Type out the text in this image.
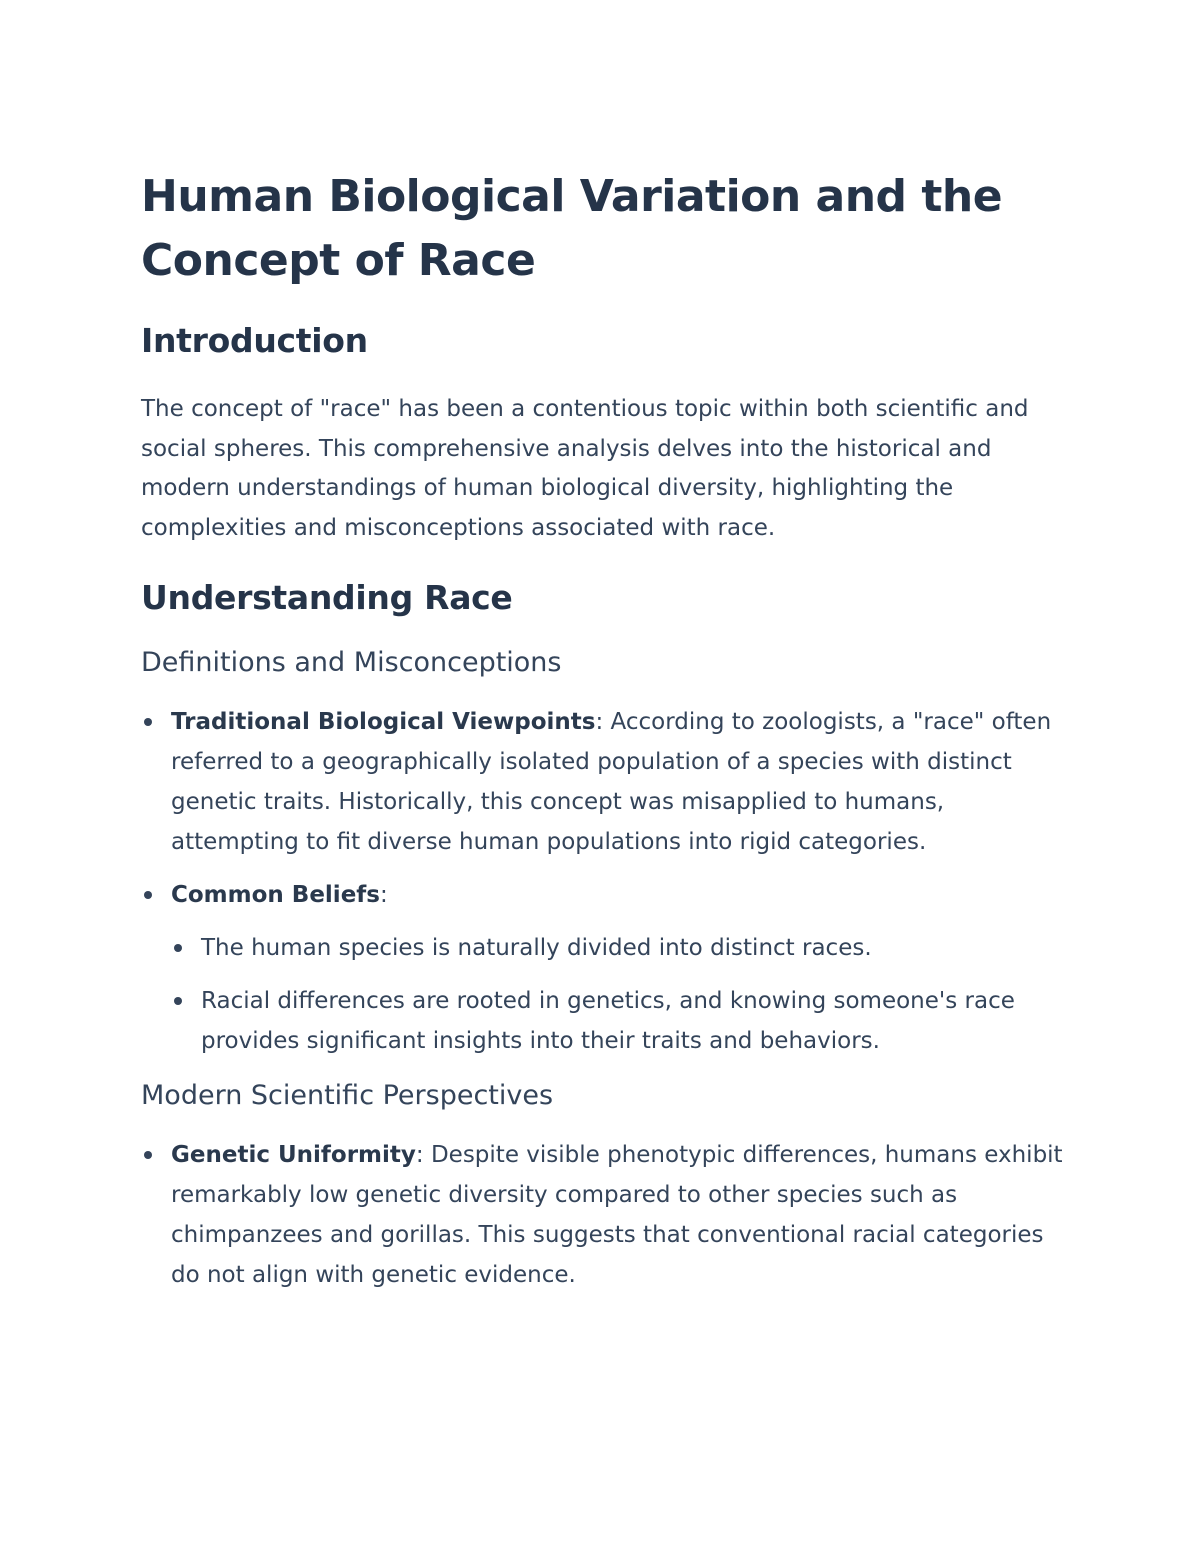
Human Biological Variation and the Concept of Race
Introduction

The concept of "race" has been a contentious topic within both scientific and social spheres. This comprehensive analysis delves into the historical and modern understandings of human biological diversity, highlighting the complexities and misconceptions associated with race.

Understanding Race
Definitions and Misconceptions
Traditional Biological Viewpoints: According to zoologists, a "race" often referred to a geographically isolated population of a species with distinct genetic traits. Historically, this concept was misapplied to humans, attempting to fit diverse human populations into rigid categories.
Common Beliefs:
The human species is naturally divided into distinct races.
Racial differences are rooted in genetics, and knowing someone's race provides significant insights into their traits and behaviors.
Modern Scientific Perspectives
Genetic Uniformity: Despite visible phenotypic differences, humans exhibit remarkably low genetic diversity compared to other species such as chimpanzees and gorillas. This suggests that conventional racial categories do not align with genetic evidence.
